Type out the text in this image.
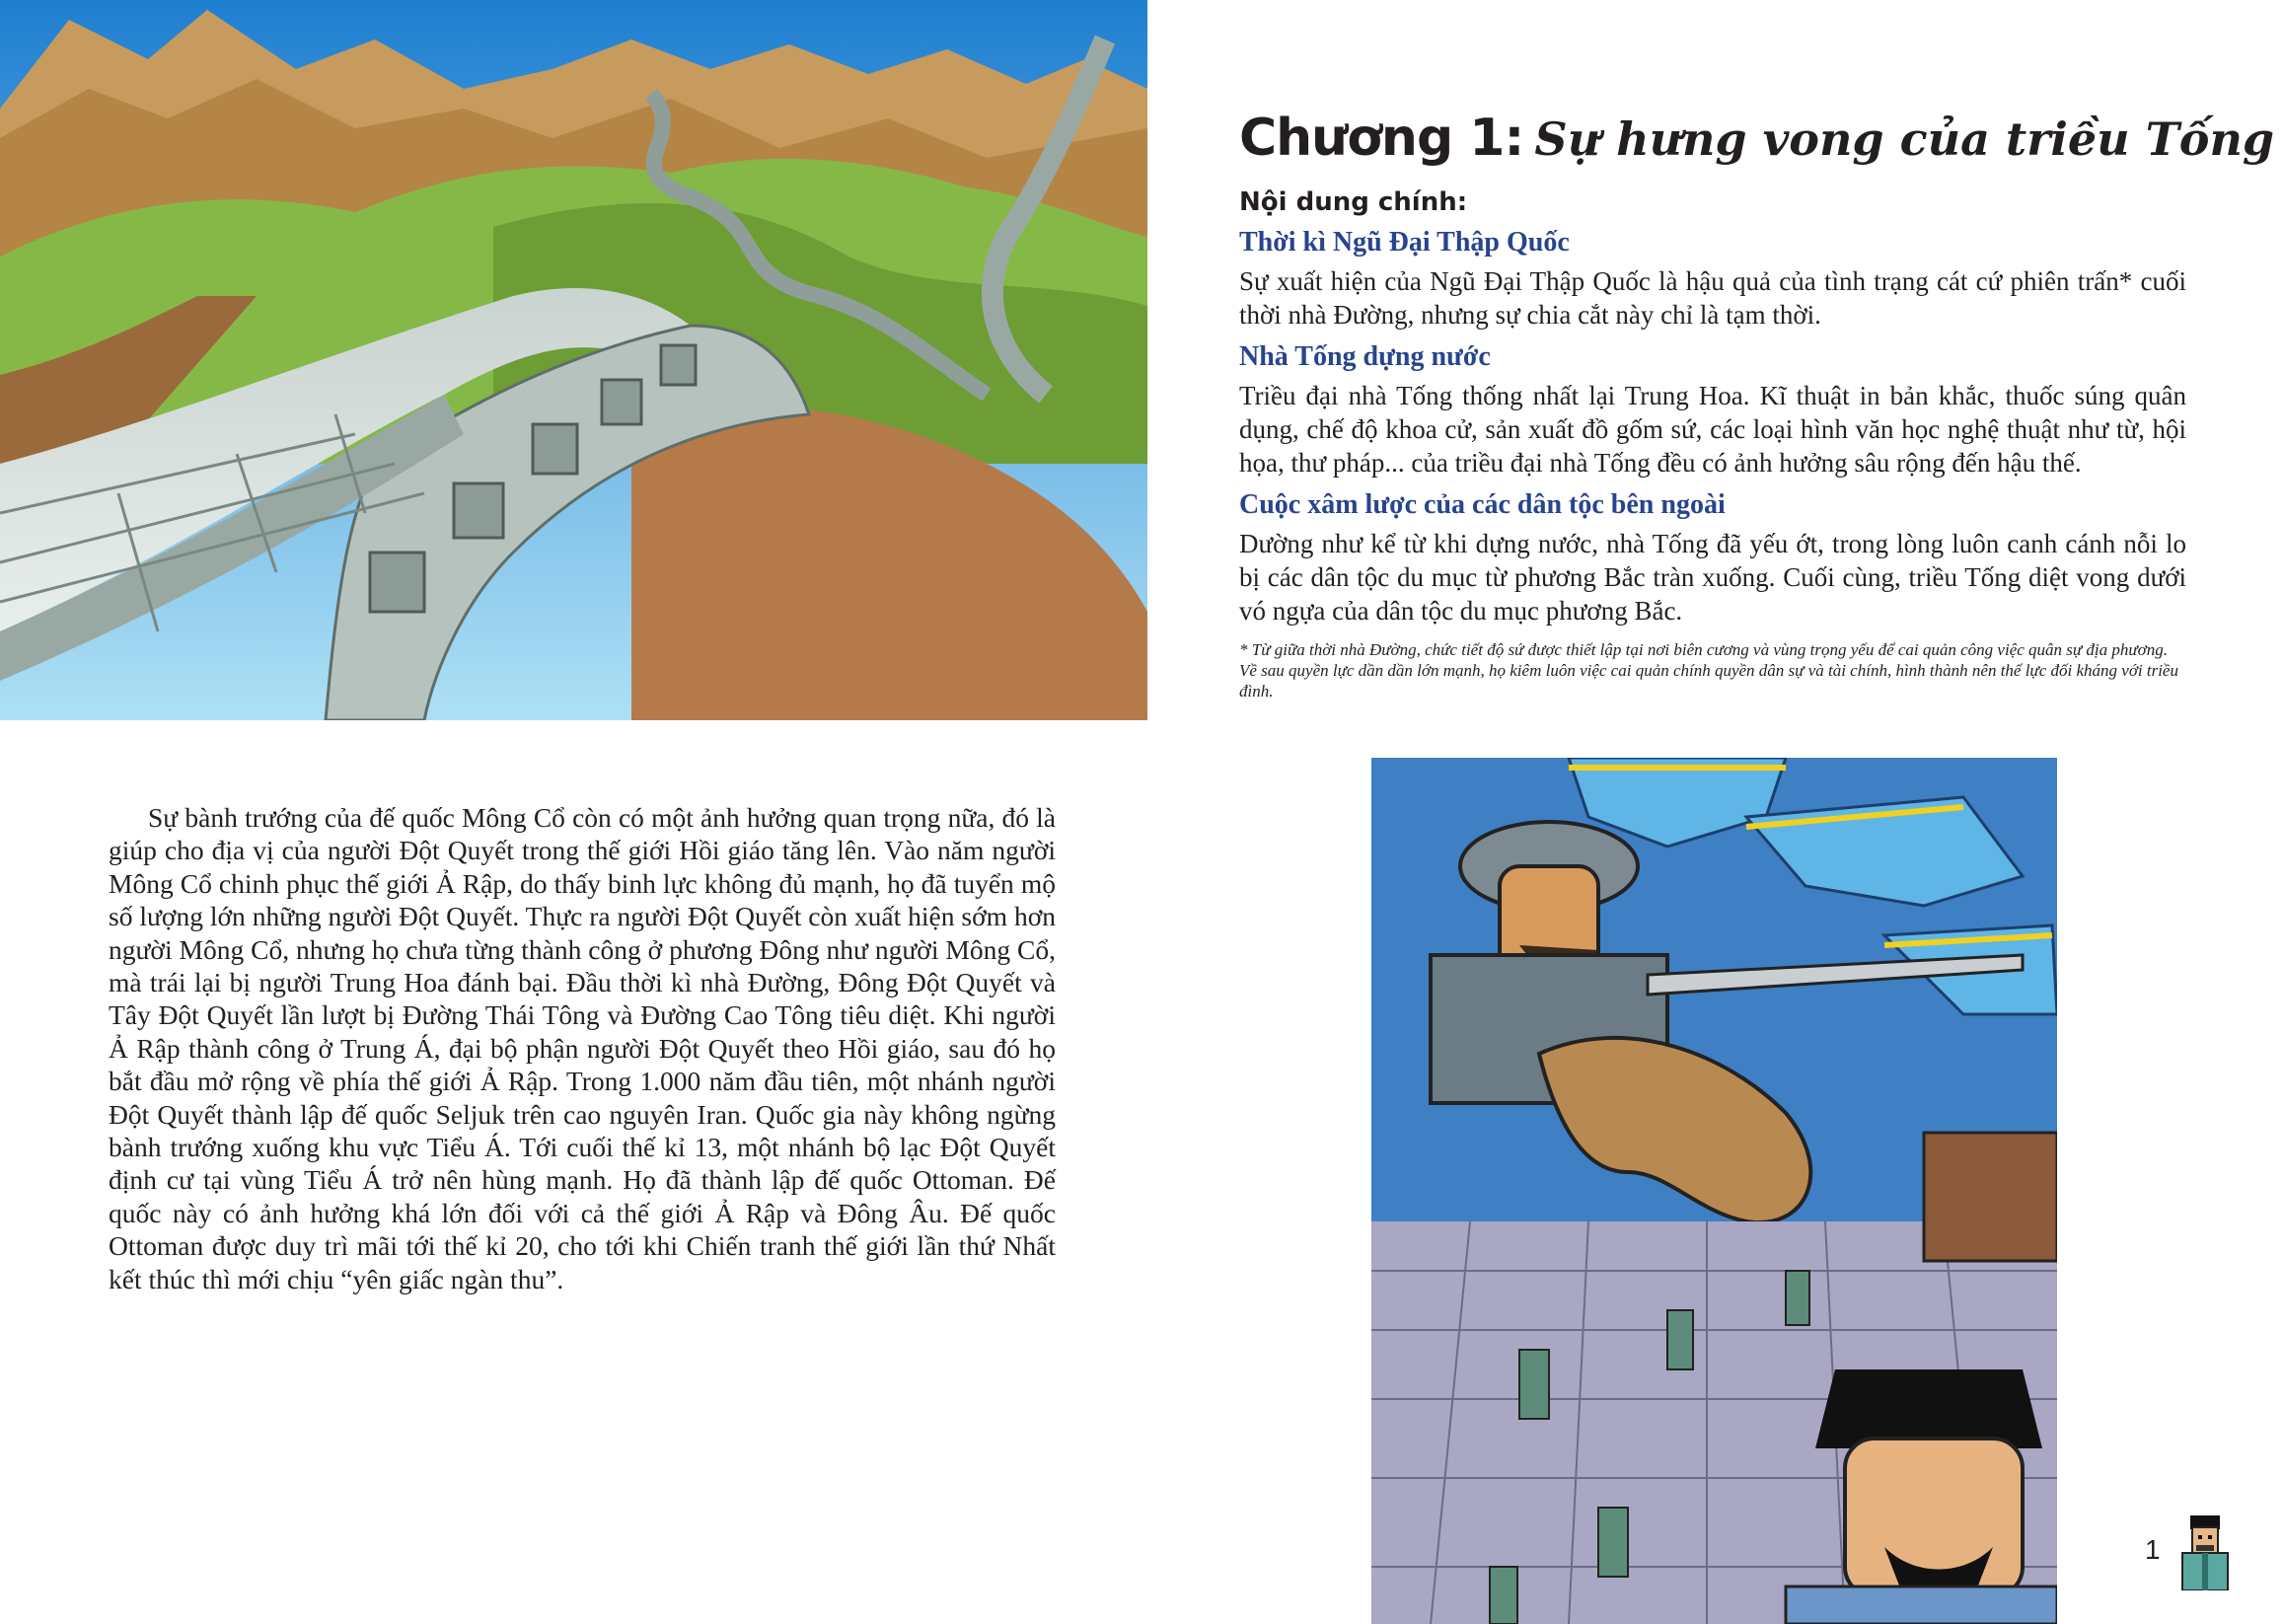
Sự bành trướng của đế quốc Mông Cổ còn có một ảnh hưởng quan trọng nữa, đó là giúp cho địa vị của người Đột Quyết trong thế giới Hồi giáo tăng lên. Vào năm người Mông Cổ chinh phục thế giới Ả Rập, do thấy binh lực không đủ mạnh, họ đã tuyển mộ số lượng lớn những người Đột Quyết. Thực ra người Đột Quyết còn xuất hiện sớm hơn người Mông Cổ, nhưng họ chưa từng thành công ở phương Đông như người Mông Cổ, mà trái lại bị người Trung Hoa đánh bại. Đầu thời kì nhà Đường, Đông Đột Quyết và Tây Đột Quyết lần lượt bị Đường Thái Tông và Đường Cao Tông tiêu diệt. Khi người Ả Rập thành công ở Trung Á, đại bộ phận người Đột Quyết theo Hồi giáo, sau đó họ bắt đầu mở rộng về phía thế giới Ả Rập. Trong 1.000 năm đầu tiên, một nhánh người Đột Quyết thành lập đế quốc Seljuk trên cao nguyên Iran. Quốc gia này không ngừng bành trướng xuống khu vực Tiểu Á. Tới cuối thế kỉ 13, một nhánh bộ lạc Đột Quyết định cư tại vùng Tiểu Á trở nên hùng mạnh. Họ đã thành lập đế quốc Ottoman. Đế quốc này có ảnh hưởng khá lớn đối với cả thế giới Ả Rập và Đông Âu. Đế quốc Ottoman được duy trì mãi tới thế kỉ 20, cho tới khi Chiến tranh thế giới lần thứ Nhất kết thúc thì mới chịu “yên giấc ngàn thu”.

Chương 1: Sự hưng vong của triều Tống
Nội dung chính:
Thời kì Ngũ Đại Thập Quốc

Sự xuất hiện của Ngũ Đại Thập Quốc là hậu quả của tình trạng cát cứ phiên trấn* cuối thời nhà Đường, nhưng sự chia cắt này chỉ là tạm thời.

Nhà Tống dựng nước

Triều đại nhà Tống thống nhất lại Trung Hoa. Kĩ thuật in bản khắc, thuốc súng quân dụng, chế độ khoa cử, sản xuất đồ gốm sứ, các loại hình văn học nghệ thuật như từ, hội họa, thư pháp... của triều đại nhà Tống đều có ảnh hưởng sâu rộng đến hậu thế.

Cuộc xâm lược của các dân tộc bên ngoài

Dường như kể từ khi dựng nước, nhà Tống đã yếu ớt, trong lòng luôn canh cánh nỗi lo bị các dân tộc du mục từ phương Bắc tràn xuống. Cuối cùng, triều Tống diệt vong dưới vó ngựa của dân tộc du mục phương Bắc.

* Từ giữa thời nhà Đường, chức tiết độ sứ được thiết lập tại nơi biên cương và vùng trọng yếu để cai quản công việc quân sự địa phương. Về sau quyền lực dần dần lớn mạnh, họ kiêm luôn việc cai quản chính quyền dân sự và tài chính, hình thành nên thế lực đối kháng với triều đình.

1
